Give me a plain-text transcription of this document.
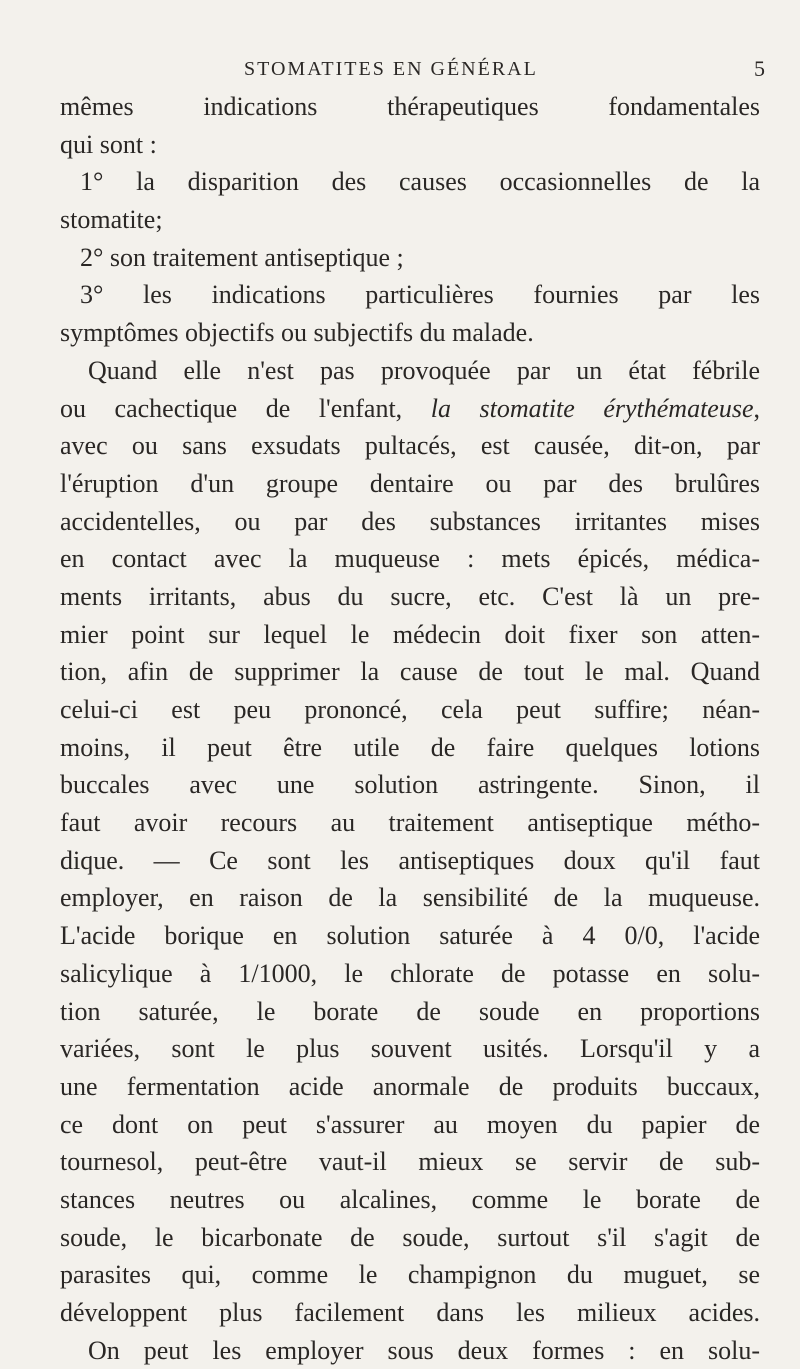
STOMATITES EN GÉNÉRAL	5
mêmes indications thérapeutiques fondamentales
qui sont :
1° la disparition des causes occasionnelles de la
stomatite;
2° son traitement antiseptique ;
3° les indications particulières fournies par les
symptômes objectifs ou subjectifs du malade.
Quand elle n'est pas provoquée par un état fébrile
ou cachectique de l'enfant, la stomatite érythémateuse,
avec ou sans exsudats pultacés, est causée, dit-on, par
l'éruption d'un groupe dentaire ou par des brulûres
accidentelles, ou par des substances irritantes mises
en contact avec la muqueuse : mets épicés, médica-
ments irritants, abus du sucre, etc. C'est là un pre-
mier point sur lequel le médecin doit fixer son atten-
tion, afin de supprimer la cause de tout le mal. Quand
celui-ci est peu prononcé, cela peut suffire; néan-
moins, il peut être utile de faire quelques lotions
buccales avec une solution astringente. Sinon, il
faut avoir recours au traitement antiseptique métho-
dique. — Ce sont les antiseptiques doux qu'il faut
employer, en raison de la sensibilité de la muqueuse.
L'acide borique en solution saturée à 4 0/0, l'acide
salicylique à 1/1000, le chlorate de potasse en solu-
tion saturée, le borate de soude en proportions
variées, sont le plus souvent usités. Lorsqu'il y a
une fermentation acide anormale de produits buccaux,
ce dont on peut s'assurer au moyen du papier de
tournesol, peut-être vaut-il mieux se servir de sub-
stances neutres ou alcalines, comme le borate de
soude, le bicarbonate de soude, surtout s'il s'agit de
parasites qui, comme le champignon du muguet, se
développent plus facilement dans les milieux acides.
On peut les employer sous deux formes : en solu-
